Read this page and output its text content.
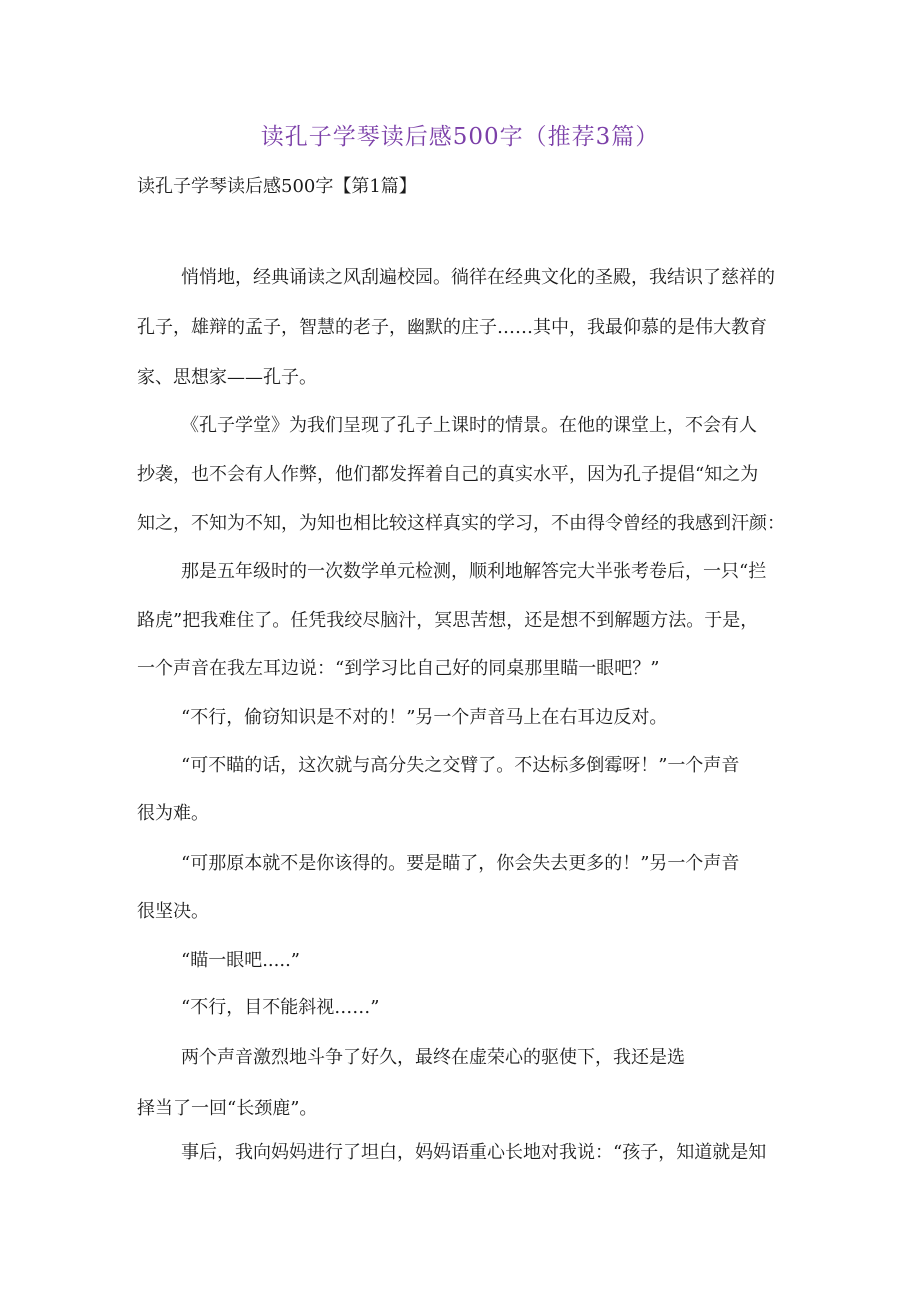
读孔子学琴读后感500字（推荐3篇）
读孔子学琴读后感500字【第1篇】
悄悄地，经典诵读之风刮遍校园。徜徉在经典文化的圣殿，我结识了慈祥的
孔子，雄辩的孟子，智慧的老子，幽默的庄子……其中，我最仰慕的是伟大教育
家、思想家——孔子。
《孔子学堂》为我们呈现了孔子上课时的情景。在他的课堂上，不会有人
抄袭，也不会有人作弊，他们都发挥着自己的真实水平，因为孔子提倡“知之为
知之，不知为不知，为知也相比较这样真实的学习，不由得令曾经的我感到汗颜：
那是五年级时的一次数学单元检测，顺利地解答完大半张考卷后，一只“拦
路虎”把我难住了。任凭我绞尽脑汁，冥思苦想，还是想不到解题方法。于是，
一个声音在我左耳边说：“到学习比自己好的同桌那里瞄一眼吧？”
“不行，偷窃知识是不对的！”另一个声音马上在右耳边反对。
“可不瞄的话，这次就与高分失之交臂了。不达标多倒霉呀！”一个声音
很为难。
“可那原本就不是你该得的。要是瞄了，你会失去更多的！”另一个声音
很坚决。
“瞄一眼吧.....”
“不行，目不能斜视……”
两个声音激烈地斗争了好久，最终在虚荣心的驱使下，我还是选
择当了一回“长颈鹿”。
事后，我向妈妈进行了坦白，妈妈语重心长地对我说：“孩子，知道就是知
